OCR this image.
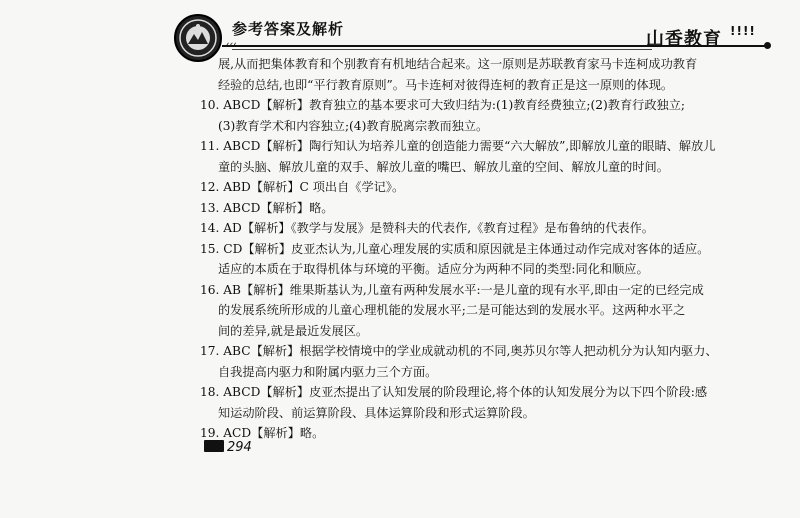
参考答案及解析	山香教育 !!!!
展,从而把集体教育和个别教育有机地结合起来。这一原则是苏联教育家马卡连柯成功教育
经验的总结,也即“平行教育原则”。马卡连柯对彼得连柯的教育正是这一原则的体现。
10. ABCD【解析】教育独立的基本要求可大致归结为:(1)教育经费独立;(2)教育行政独立;
(3)教育学术和内容独立;(4)教育脱离宗教而独立。
11. ABCD【解析】陶行知认为培养儿童的创造能力需要“六大解放”,即解放儿童的眼睛、解放儿
童的头脑、解放儿童的双手、解放儿童的嘴巴、解放儿童的空间、解放儿童的时间。
12. ABD【解析】C 项出自《学记》。
13. ABCD【解析】略。
14. AD【解析】《教学与发展》是赞科夫的代表作,《教育过程》是布鲁纳的代表作。
15. CD【解析】皮亚杰认为,儿童心理发展的实质和原因就是主体通过动作完成对客体的适应。
适应的本质在于取得机体与环境的平衡。适应分为两种不同的类型:同化和顺应。
16. AB【解析】维果斯基认为,儿童有两种发展水平:一是儿童的现有水平,即由一定的已经完成
的发展系统所形成的儿童心理机能的发展水平;二是可能达到的发展水平。这两种水平之
间的差异,就是最近发展区。
17. ABC【解析】根据学校情境中的学业成就动机的不同,奥苏贝尔等人把动机分为认知内驱力、
自我提高内驱力和附属内驱力三个方面。
18. ABCD【解析】皮亚杰提出了认知发展的阶段理论,将个体的认知发展分为以下四个阶段:感
知运动阶段、前运算阶段、具体运算阶段和形式运算阶段。
19. ACD【解析】略。
294
